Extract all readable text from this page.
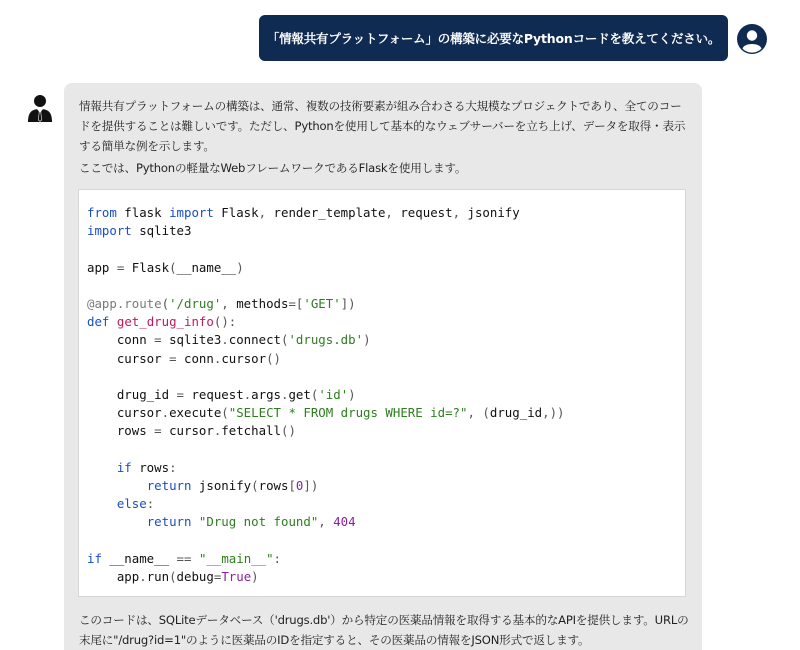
「情報共有プラットフォーム」の構築に必要なPythonコードを教えてください。
情報共有プラットフォームの構築は、通常、複数の技術要素が組み合わさる大規模なプロジェクトであり、全てのコードを提供することは難しいです。ただし、Pythonを使用して基本的なウェブサーバーを立ち上げ、データを取得・表示する簡単な例を示します。
ここでは、Pythonの軽量なWebフレームワークであるFlaskを使用します。
from flask import Flask, render_template, request, jsonify
import sqlite3
app = Flask(__name__)
@app.route('/drug', methods=['GET'])
def get_drug_info():
conn = sqlite3.connect('drugs.db')
cursor = conn.cursor()
drug_id = request.args.get('id')
cursor.execute("SELECT * FROM drugs WHERE id=?", (drug_id,))
rows = cursor.fetchall()
if rows:
return jsonify(rows[0])
else:
return "Drug not found", 404
if __name__ == "__main__":
app.run(debug=True)
このコードは、SQLiteデータベース（'drugs.db'）から特定の医薬品情報を取得する基本的なAPIを提供します。URLの末尾に"/drug?id=1"のように医薬品のIDを指定すると、その医薬品の情報をJSON形式で返します。
